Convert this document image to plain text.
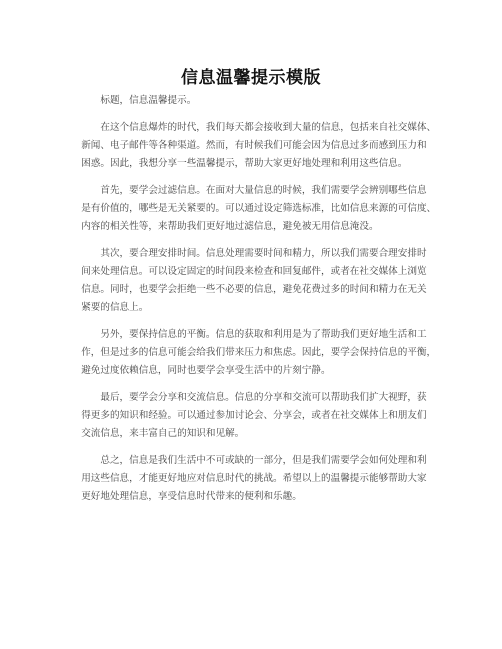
信息温馨提示模版

标题，信息温馨提示。

在这个信息爆炸的时代，我们每天都会接收到大量的信息，包括来自社交媒体、
新闻、电子邮件等各种渠道。然而，有时候我们可能会因为信息过多而感到压力和
困惑。因此，我想分享一些温馨提示，帮助大家更好地处理和利用这些信息。

首先，要学会过滤信息。在面对大量信息的时候，我们需要学会辨别哪些信息
是有价值的，哪些是无关紧要的。可以通过设定筛选标准，比如信息来源的可信度、
内容的相关性等，来帮助我们更好地过滤信息，避免被无用信息淹没。

其次，要合理安排时间。信息处理需要时间和精力，所以我们需要合理安排时
间来处理信息。可以设定固定的时间段来检查和回复邮件，或者在社交媒体上浏览
信息。同时，也要学会拒绝一些不必要的信息，避免花费过多的时间和精力在无关
紧要的信息上。

另外，要保持信息的平衡。信息的获取和利用是为了帮助我们更好地生活和工
作，但是过多的信息可能会给我们带来压力和焦虑。因此，要学会保持信息的平衡，
避免过度依赖信息，同时也要学会享受生活中的片刻宁静。

最后，要学会分享和交流信息。信息的分享和交流可以帮助我们扩大视野，获
得更多的知识和经验。可以通过参加讨论会、分享会，或者在社交媒体上和朋友们
交流信息，来丰富自己的知识和见解。

总之，信息是我们生活中不可或缺的一部分，但是我们需要学会如何处理和利
用这些信息，才能更好地应对信息时代的挑战。希望以上的温馨提示能够帮助大家
更好地处理信息，享受信息时代带来的便利和乐趣。
